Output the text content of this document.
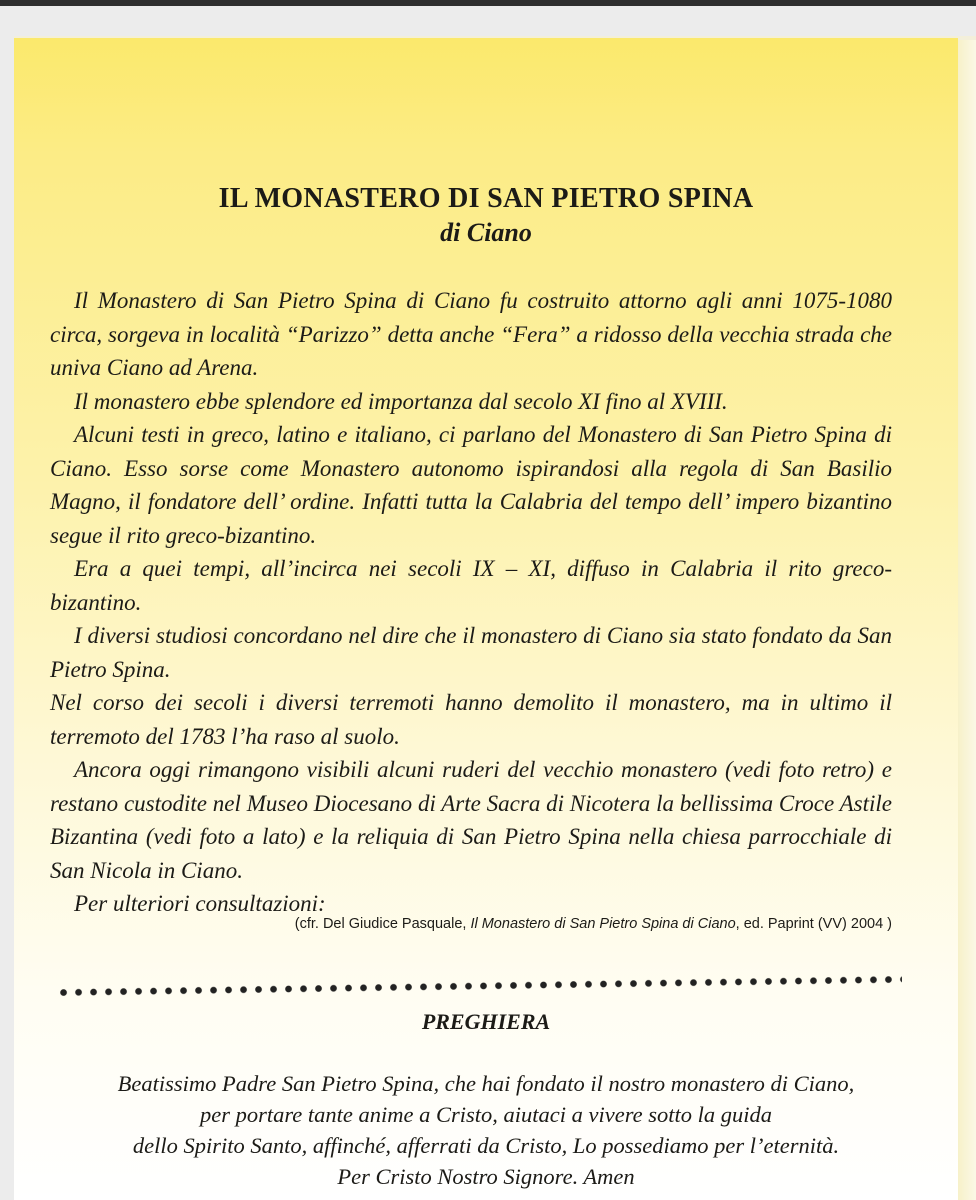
IL MONASTERO DI SAN PIETRO SPINA
di Ciano

Il Monastero di San Pietro Spina di Ciano fu costruito attorno agli anni 1075-1080 circa, sorgeva in località “Parizzo” detta anche “Fera” a ridosso della vecchia strada che univa Ciano ad Arena.

Il monastero ebbe splendore ed importanza dal secolo XI fino al XVIII.

Alcuni testi in greco, latino e italiano, ci parlano del Monastero di San Pietro Spina di Ciano. Esso sorse come Monastero autonomo ispirandosi alla regola di San Basilio Magno, il fondatore dell’ ordine. Infatti tutta la Calabria del tempo dell’ impero bizantino segue il rito greco-bizantino.

Era a quei tempi, all’incirca nei secoli IX – XI, diffuso in Calabria il rito greco-bizantino.

I diversi studiosi concordano nel dire che il monastero di Ciano sia stato fondato da San Pietro Spina.

Nel corso dei secoli i diversi terremoti hanno demolito il monastero, ma in ultimo il terremoto del 1783 l’ha raso al suolo.

Ancora oggi rimangono visibili alcuni ruderi del vecchio monastero (vedi foto retro) e restano custodite nel Museo Diocesano di Arte Sacra di Nicotera la bellissima Croce Astile Bizantina (vedi foto a lato) e la reliquia di San Pietro Spina nella chiesa parrocchiale di San Nicola in Ciano.

Per ulteriori consultazioni:

(cfr. Del Giudice Pasquale, Il Monastero di San Pietro Spina di Ciano, ed. Paprint (VV) 2004 )
PREGHIERA
Beatissimo Padre San Pietro Spina, che hai fondato il nostro monastero di Ciano,
per portare tante anime a Cristo, aiutaci a vivere sotto la guida
dello Spirito Santo, affinché, afferrati da Cristo, Lo possediamo per l’eternità.
Per Cristo Nostro Signore. Amen
